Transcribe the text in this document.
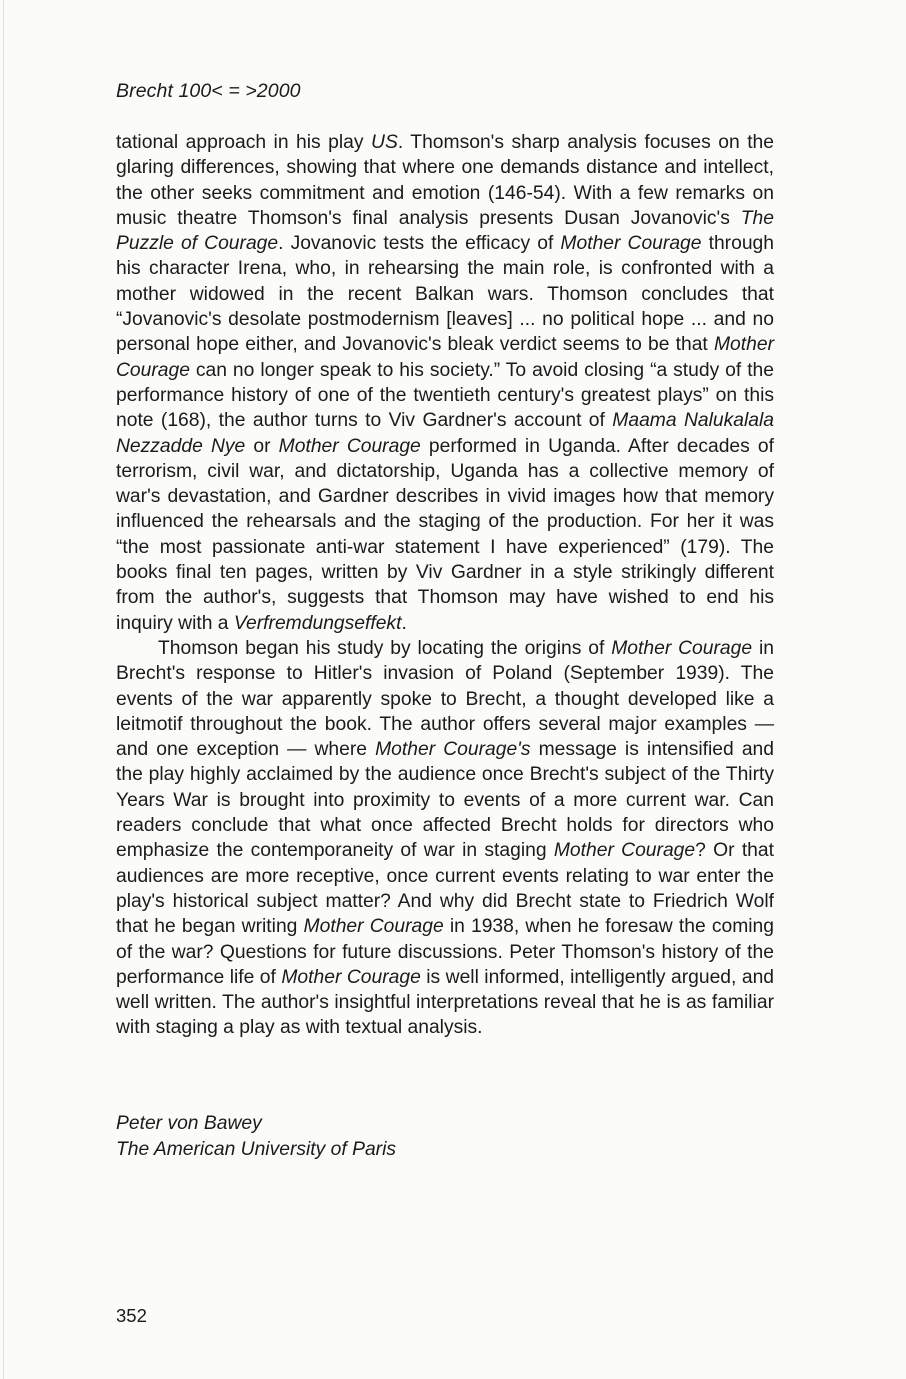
Brecht 100< = >2000

tational approach in his play US. Thomson's sharp analysis focuses on the glaring differences, showing that where one demands distance and intellect, the other seeks commitment and emotion (146-54). With a few remarks on music theatre Thomson's final analysis presents Dusan Jovanovic's The Puzzle of Courage. Jovanovic tests the efficacy of Mother Courage through his character Irena, who, in rehearsing the main role, is confronted with a mother widowed in the recent Balkan wars. Thomson concludes that “Jovanovic's desolate postmodernism [leaves] ... no political hope ... and no personal hope either, and Jovanovic's bleak verdict seems to be that Mother Courage can no longer speak to his society.” To avoid closing “a study of the performance history of one of the twentieth century's greatest plays” on this note (168), the author turns to Viv Gardner's account of Maama Nalukalala Nezzadde Nye or Mother Courage performed in Uganda. After decades of terrorism, civil war, and dictatorship, Uganda has a collective memory of war's devastation, and Gardner describes in vivid images how that memory influenced the rehearsals and the staging of the production. For her it was “the most passionate anti-war statement I have experienced” (179). The books final ten pages, written by Viv Gardner in a style strikingly different from the author's, suggests that Thomson may have wished to end his inquiry with a Verfremdungseffekt.

Thomson began his study by locating the origins of Mother Courage in Brecht's response to Hitler's invasion of Poland (September 1939). The events of the war apparently spoke to Brecht, a thought developed like a leitmotif throughout the book. The author offers several major examples — and one exception — where Mother Courage's message is intensified and the play highly acclaimed by the audience once Brecht's subject of the Thirty Years War is brought into proximity to events of a more current war. Can readers conclude that what once affected Brecht holds for directors who emphasize the contemporaneity of war in staging Mother Courage? Or that audiences are more receptive, once current events relating to war enter the play's historical subject matter? And why did Brecht state to Friedrich Wolf that he began writing Mother Courage in 1938, when he foresaw the coming of the war? Questions for future discussions. Peter Thomson's history of the performance life of Mother Courage is well informed, intelligently argued, and well written. The author's insightful interpretations reveal that he is as familiar with staging a play as with textual analysis.

Peter von Bawey
The American University of Paris
352
